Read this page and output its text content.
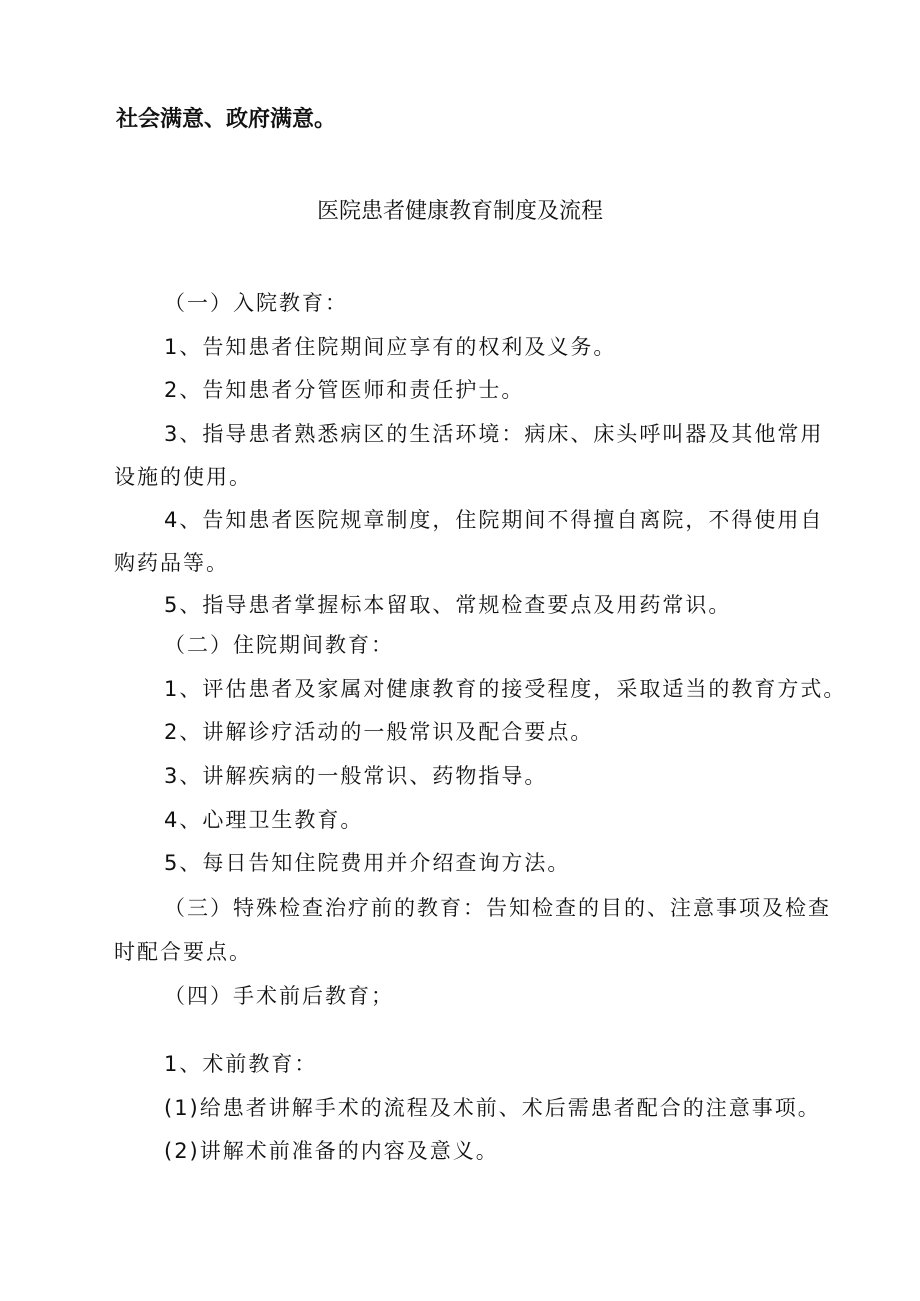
社会满意、政府满意。
医院患者健康教育制度及流程
（一）入院教育：
1、告知患者住院期间应享有的权利及义务。
2、告知患者分管医师和责任护士。
3、指导患者熟悉病区的生活环境：病床、床头呼叫器及其他常用
设施的使用。
4、告知患者医院规章制度，住院期间不得擅自离院，不得使用自
购药品等。
5、指导患者掌握标本留取、常规检查要点及用药常识。
（二）住院期间教育：
1、评估患者及家属对健康教育的接受程度，采取适当的教育方式。
2、讲解诊疗活动的一般常识及配合要点。
3、讲解疾病的一般常识、药物指导。
4、心理卫生教育。
5、每日告知住院费用并介绍查询方法。
（三）特殊检查治疗前的教育：告知检查的目的、注意事项及检查
时配合要点。
（四）手术前后教育；
1、术前教育：
(1)给患者讲解手术的流程及术前、术后需患者配合的注意事项。
(2)讲解术前准备的内容及意义。
